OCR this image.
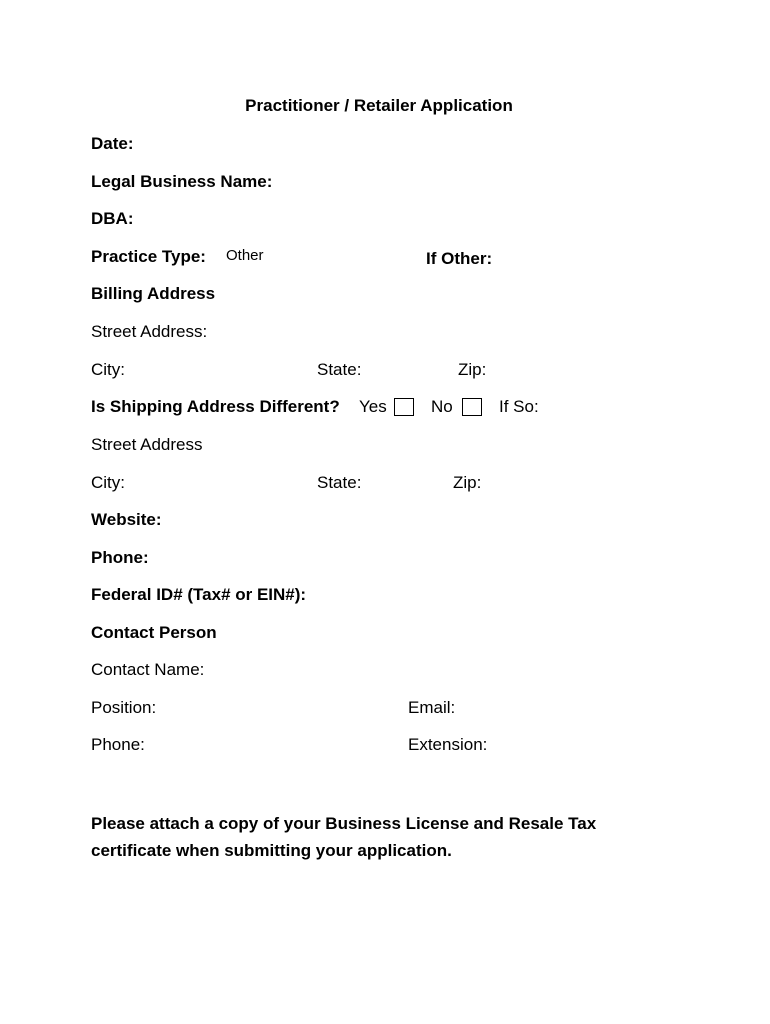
Practitioner / Retailer Application
Date:
Legal Business Name:
DBA:
Practice Type: Other	If Other:
Billing Address
Street Address:
City:	State:	Zip:
Is Shipping Address Different? Yes	No	If So:
Street Address
City:	State:	Zip:
Website:
Phone:
Federal ID# (Tax# or EIN#):
Contact Person
Contact Name:
Position:	Email:
Phone:	Extension:
Please attach a copy of your Business License and Resale Tax certificate when submitting your application.
